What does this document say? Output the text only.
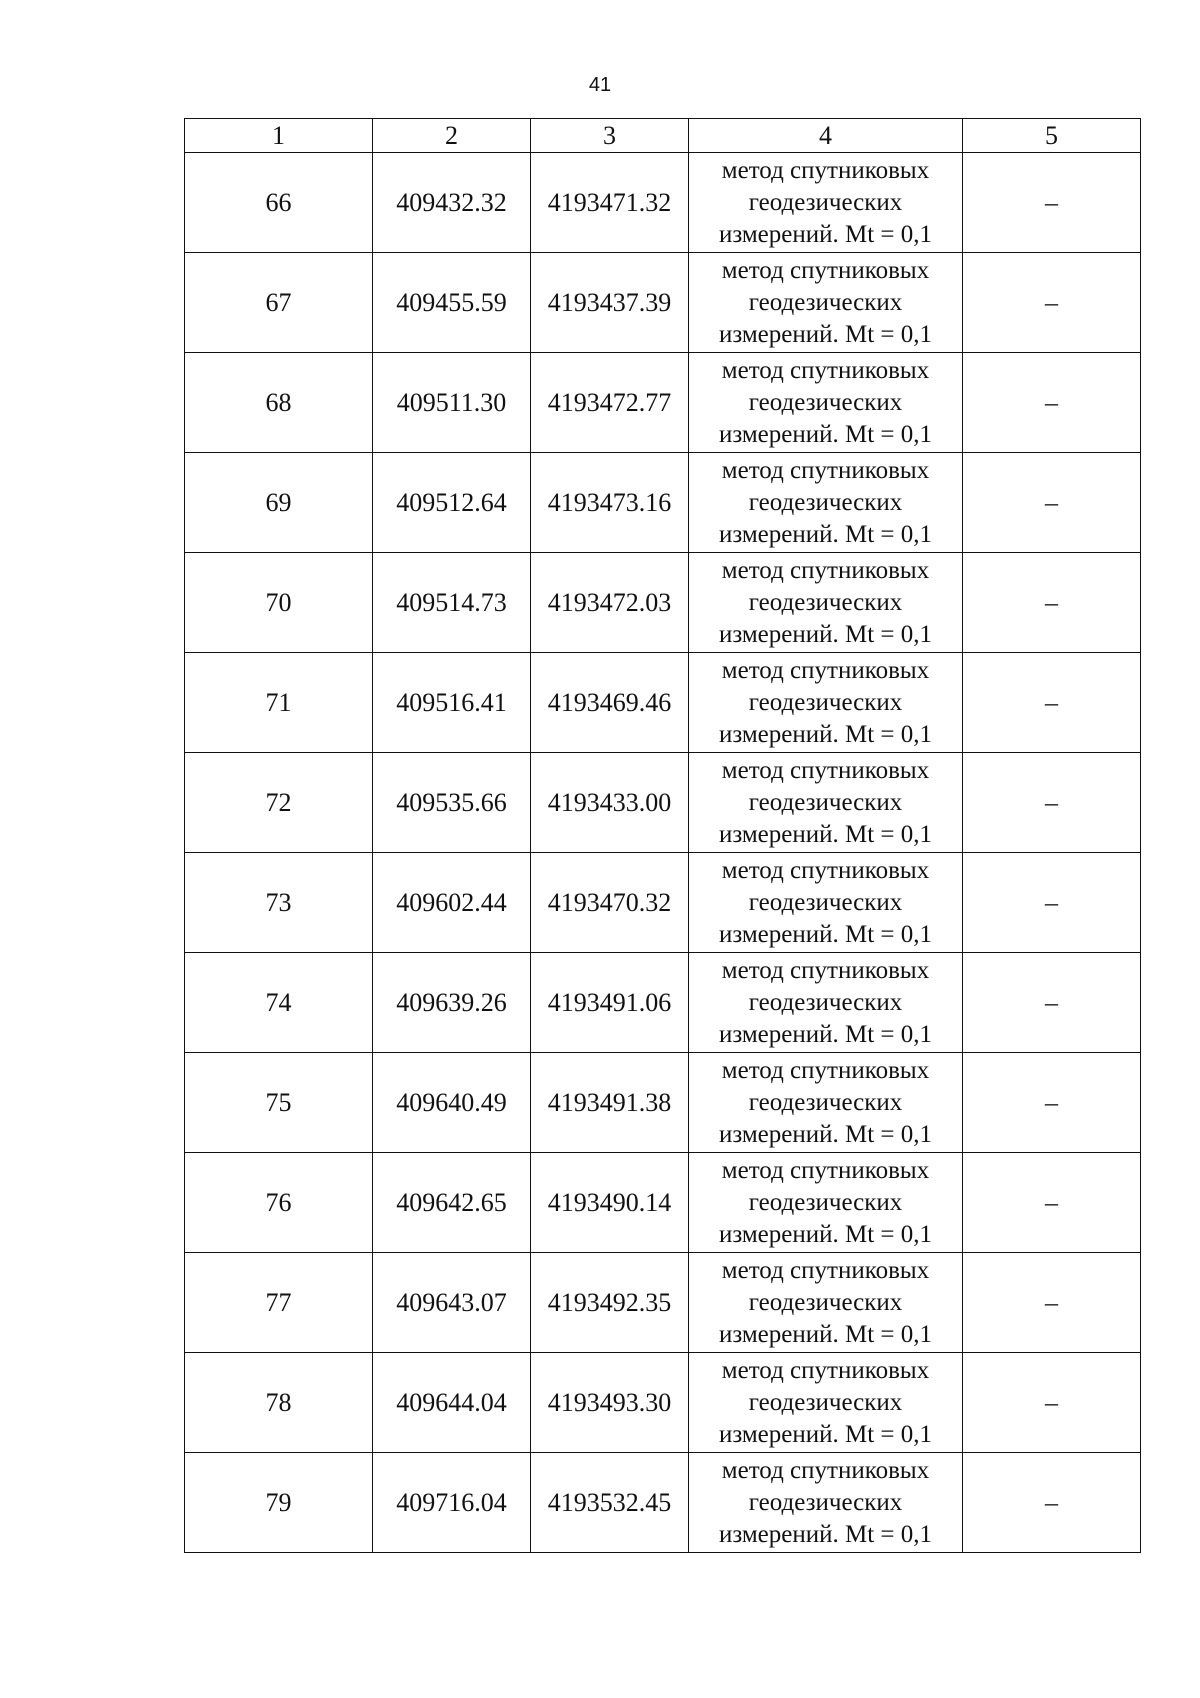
41
1	2	3	4	5
66	409432.32	4193471.32	метод спутниковых
геодезических
измерений. Mt = 0,1	–
67	409455.59	4193437.39	метод спутниковых
геодезических
измерений. Mt = 0,1	–
68	409511.30	4193472.77	метод спутниковых
геодезических
измерений. Mt = 0,1	–
69	409512.64	4193473.16	метод спутниковых
геодезических
измерений. Mt = 0,1	–
70	409514.73	4193472.03	метод спутниковых
геодезических
измерений. Mt = 0,1	–
71	409516.41	4193469.46	метод спутниковых
геодезических
измерений. Mt = 0,1	–
72	409535.66	4193433.00	метод спутниковых
геодезических
измерений. Mt = 0,1	–
73	409602.44	4193470.32	метод спутниковых
геодезических
измерений. Mt = 0,1	–
74	409639.26	4193491.06	метод спутниковых
геодезических
измерений. Mt = 0,1	–
75	409640.49	4193491.38	метод спутниковых
геодезических
измерений. Mt = 0,1	–
76	409642.65	4193490.14	метод спутниковых
геодезических
измерений. Mt = 0,1	–
77	409643.07	4193492.35	метод спутниковых
геодезических
измерений. Mt = 0,1	–
78	409644.04	4193493.30	метод спутниковых
геодезических
измерений. Mt = 0,1	–
79	409716.04	4193532.45	метод спутниковых
геодезических
измерений. Mt = 0,1	–
